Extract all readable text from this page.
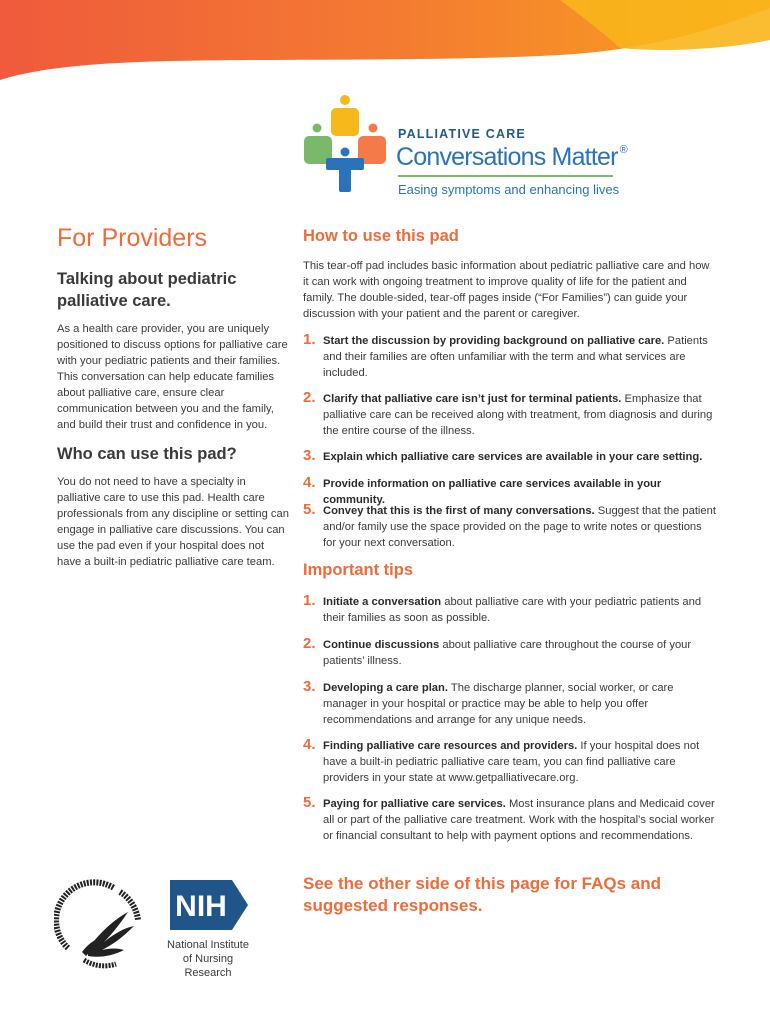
PALLIATIVE CARE
Conversations Matter ®
Easing symptoms and enhancing lives
For Providers
Talking about pediatric palliative care.
As a health care provider, you are uniquely positioned to discuss options for palliative care with your pediatric patients and their families. This conversation can help educate families about palliative care, ensure clear communication between you and the family, and build their trust and confidence in you.
Who can use this pad?
You do not need to have a specialty in palliative care to use this pad. Health care professionals from any discipline or setting can engage in palliative care discussions. You can use the pad even if your hospital does not have a built-in pediatric palliative care team.
How to use this pad
This tear-off pad includes basic information about pediatric palliative care and how it can work with ongoing treatment to improve quality of life for the patient and family. The double-sided, tear-off pages inside (“For Families”) can guide your discussion with your patient and the parent or caregiver.
1. Start the discussion by providing background on palliative care. Patients and their families are often unfamiliar with the term and what services are included.
2. Clarify that palliative care isn’t just for terminal patients. Emphasize that palliative care can be received along with treatment, from diagnosis and during the entire course of the illness.
3. Explain which palliative care services are available in your care setting.
4. Provide information on palliative care services available in your community.
5. Convey that this is the first of many conversations. Suggest that the patient and/or family use the space provided on the page to write notes or questions for your next conversation.
Important tips
1. Initiate a conversation about palliative care with your pediatric patients and their families as soon as possible.
2. Continue discussions about palliative care throughout the course of your patients’ illness.
3. Developing a care plan. The discharge planner, social worker, or care manager in your hospital or practice may be able to help you offer recommendations and arrange for any unique needs.
4. Finding palliative care resources and providers. If your hospital does not have a built-in pediatric palliative care team, you can find palliative care providers in your state at www.getpalliativecare.org.
5. Paying for palliative care services. Most insurance plans and Medicaid cover all or part of the palliative care treatment. Work with the hospital’s social worker or financial consultant to help with payment options and recommendations.
See the other side of this page for FAQs and suggested responses.
NIH
National Institute
of Nursing Research
